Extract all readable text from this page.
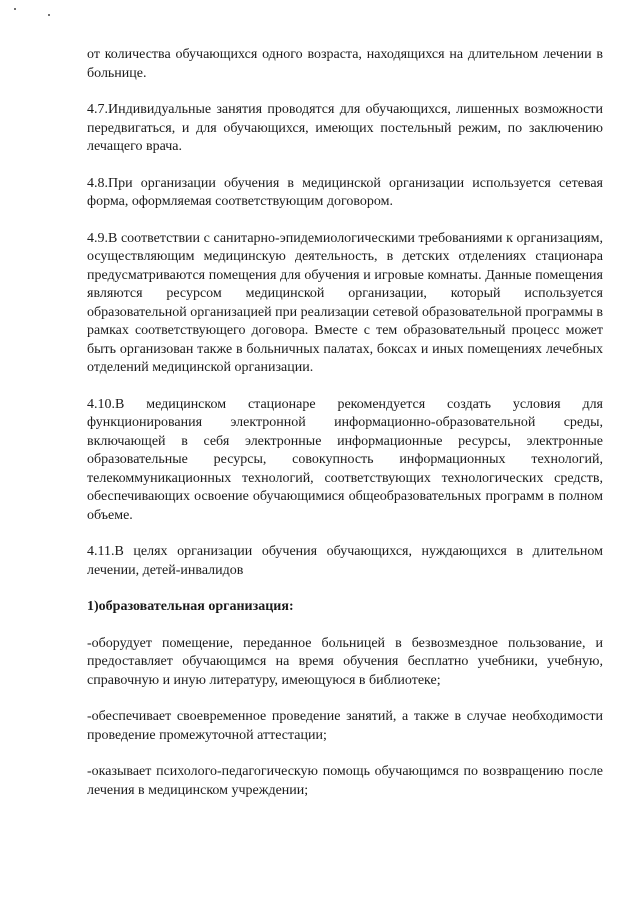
от количества обучающихся одного возраста, находящихся на длительном лечении в больнице.

4.7.Индивидуальные занятия проводятся для обучающихся, лишенных возможности передвигаться, и для обучающихся, имеющих постельный режим, по заключению лечащего врача.

4.8.При организации обучения в медицинской организации используется сетевая форма, оформляемая соответствующим договором.

4.9.В соответствии с санитарно-эпидемиологическими требованиями к организациям, осуществляющим медицинскую деятельность, в детских отделениях стационара предусматриваются помещения для обучения и игровые комнаты. Данные помещения являются ресурсом медицинской организации, который используется образовательной организацией при реализации сетевой образовательной программы в рамках соответствующего договора. Вместе с тем образовательный процесс может быть организован также в больничных палатах, боксах и иных помещениях лечебных отделений медицинской организации.

4.10.В медицинском стационаре рекомендуется создать условия для функционирования электронной информационно-образовательной среды, включающей в себя электронные информационные ресурсы, электронные образовательные ресурсы, совокупность информационных технологий, телекоммуникационных технологий, соответствующих технологических средств, обеспечивающих освоение обучающимися общеобразовательных программ в полном объеме.

4.11.В целях организации обучения обучающихся, нуждающихся в длительном лечении, детей-инвалидов

1)образовательная организация:

-оборудует помещение, переданное больницей в безвозмездное пользование, и предоставляет обучающимся на время обучения бесплатно учебники, учебную, справочную и иную литературу, имеющуюся в библиотеке;

-обеспечивает своевременное проведение занятий, а также в случае необходимости проведение промежуточной аттестации;

-оказывает психолого-педагогическую помощь обучающимся по возвращению после лечения в медицинском учреждении;
